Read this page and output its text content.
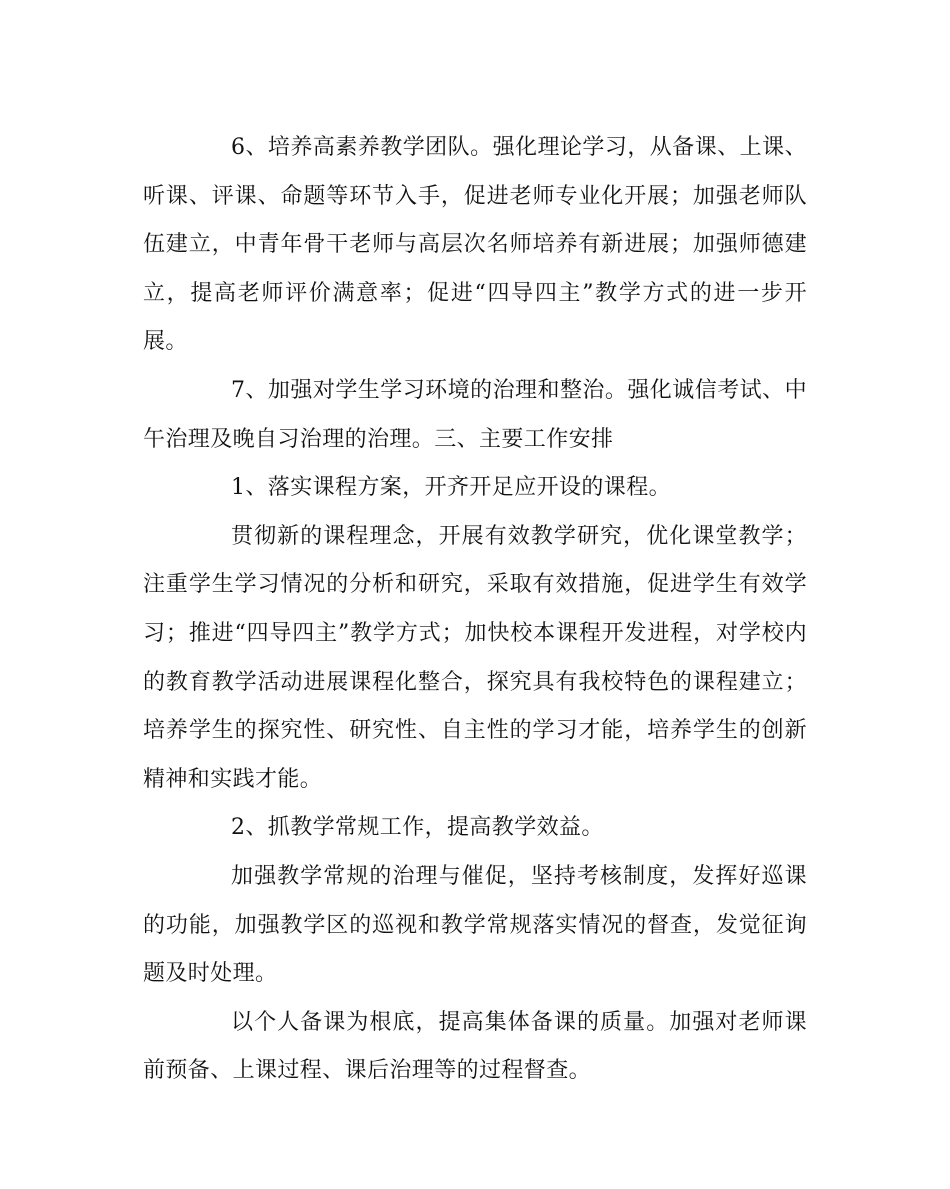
6、培养高素养教学团队。强化理论学习，从备课、上课、听课、评课、命题等环节入手，促进老师专业化开展；加强老师队伍建立，中青年骨干老师与高层次名师培养有新进展；加强师德建立，提高老师评价满意率；促进“四导四主”教学方式的进一步开展。

7、加强对学生学习环境的治理和整治。强化诚信考试、中午治理及晚自习治理的治理。三、主要工作安排

1、落实课程方案，开齐开足应开设的课程。

贯彻新的课程理念，开展有效教学研究，优化课堂教学；注重学生学习情况的分析和研究，采取有效措施，促进学生有效学习；推进“四导四主”教学方式；加快校本课程开发进程，对学校内的教育教学活动进展课程化整合，探究具有我校特色的课程建立；培养学生的探究性、研究性、自主性的学习才能，培养学生的创新精神和实践才能。

2、抓教学常规工作，提高教学效益。

加强教学常规的治理与催促，坚持考核制度，发挥好巡课的功能，加强教学区的巡视和教学常规落实情况的督查，发觉征询题及时处理。

以个人备课为根底，提高集体备课的质量。加强对老师课前预备、上课过程、课后治理等的过程督查。
